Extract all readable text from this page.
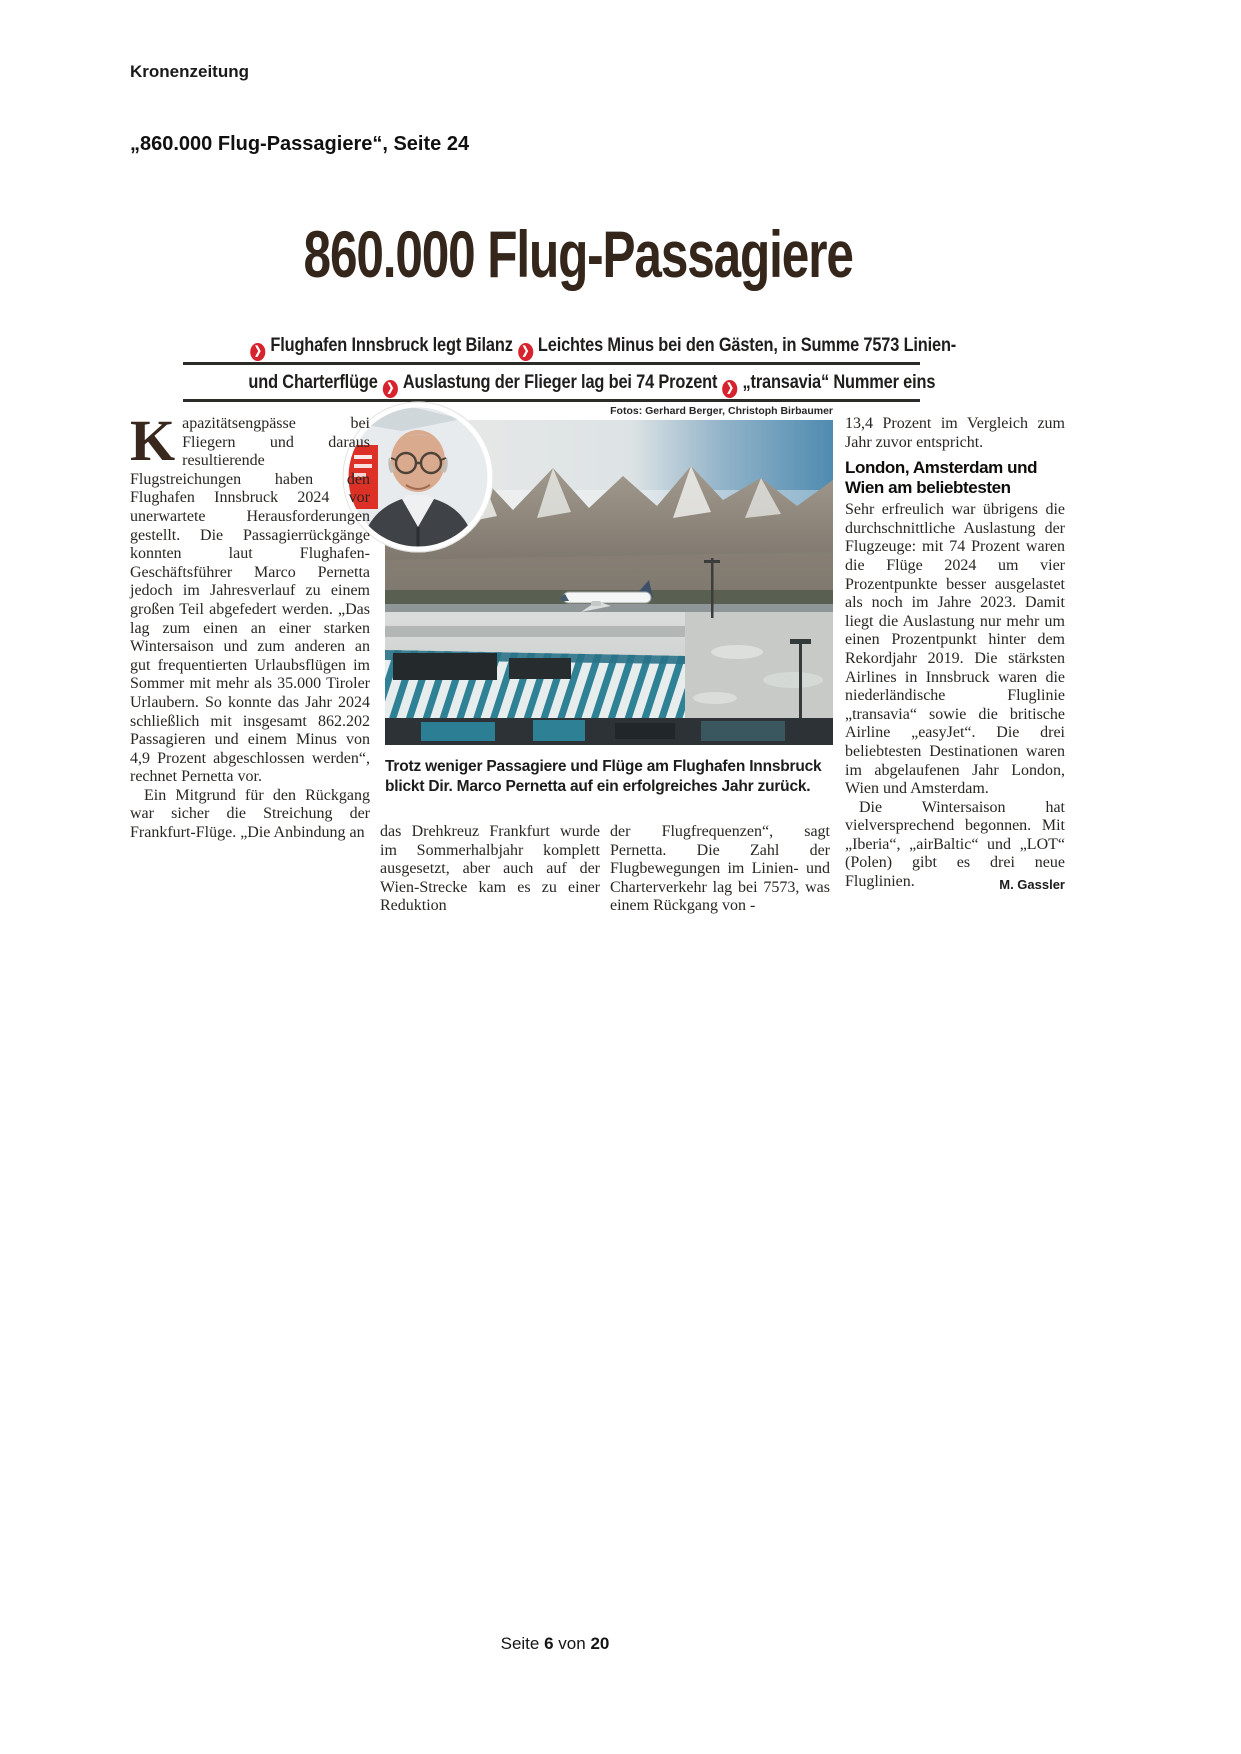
Kronenzeitung
„860.000 Flug-Passagiere“, Seite 24
860.000 Flug-Passagiere
❯ Flughafen Innsbruck legt Bilanz ❯ Leichtes Minus bei den Gästen, in Summe 7573 Linien-
und Charterflüge ❯ Auslastung der Flieger lag bei 74 Prozent ❯ „transavia“ Nummer eins
Fotos: Gerhard Berger, Christoph Birbaumer
Trotz weniger Passagiere und Flüge am Flughafen Innsbruck blickt Dir. Marco Pernetta auf ein erfolgreiches Jahr zurück.

Kapazitätsengpässe bei Fliegern und daraus resultierende Flugstreichungen haben den Flughafen Innsbruck 2024 vor unerwartete Herausforderungen gestellt. Die Passagierrückgänge konnten laut Flughafen-Geschäftsführer Marco Pernetta jedoch im Jahresverlauf zu einem großen Teil abgefedert werden. „Das lag zum einen an einer starken Wintersaison und zum anderen an gut frequentierten Urlaubsflügen im Sommer mit mehr als 35.000 Tiroler Urlaubern. So konnte das Jahr 2024 schließlich mit insgesamt 862.202 Passagieren und einem Minus von 4,9 Prozent abgeschlossen werden“, rechnet Pernetta vor.

Ein Mitgrund für den Rückgang war sicher die Streichung der Frankfurt-Flüge. „Die Anbindung an das Drehkreuz Frankfurt wurde im Sommerhalbjahr komplett ausgesetzt, aber auch auf der Wien-Strecke kam es zu einer Reduktion

der Flugfrequenzen“, sagt Pernetta. Die Zahl der Flugbewegungen im Linien- und Charterverkehr lag bei 7573, was einem Rückgang von -

13,4 Prozent im Vergleich zum Jahr zuvor entspricht.

London, Amsterdam und Wien am beliebtesten

Sehr erfreulich war übrigens die durchschnittliche Auslastung der Flugzeuge: mit 74 Prozent waren die Flüge 2024 um vier Prozentpunkte besser ausgelastet als noch im Jahre 2023. Damit liegt die Auslastung nur mehr um einen Prozentpunkt hinter dem Rekordjahr 2019. Die stärksten Airlines in Innsbruck waren die niederländische Fluglinie „transavia“ sowie die britische Airline „easyJet“. Die drei beliebtesten Destinationen waren im abgelaufenen Jahr London, Wien und Amsterdam.

Die Wintersaison hat vielversprechend begonnen. Mit „Iberia“, „airBaltic“ und „LOT“ (Polen) gibt es drei neue Fluglinien.	M. Gassler

Seite 6 von 20
